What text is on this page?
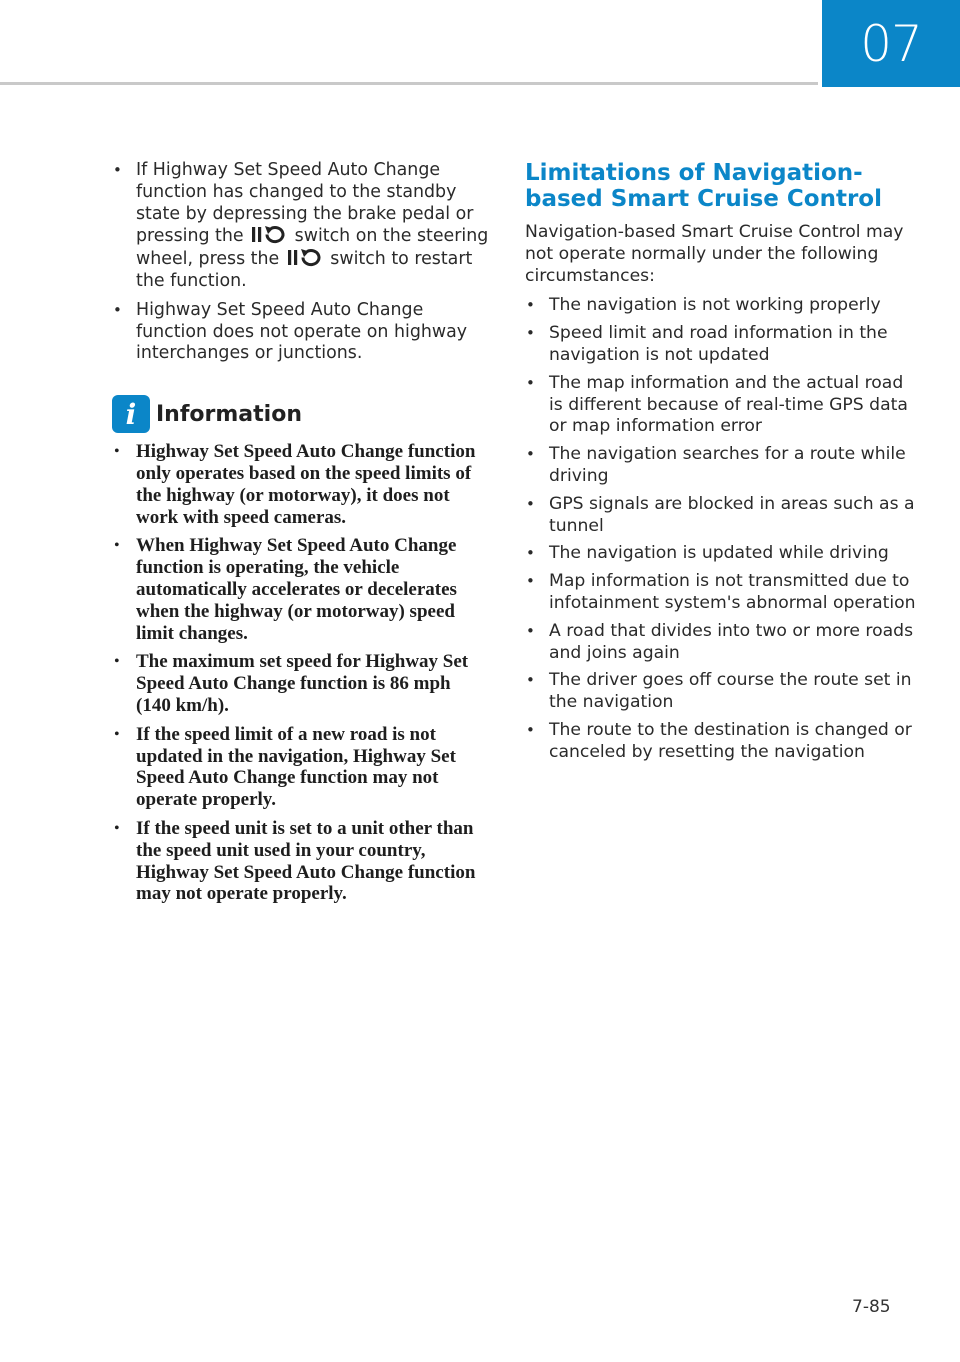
07
• If Highway Set Speed Auto Change function has changed to the standby state by depressing the brake pedal or pressing the	switch on the steering wheel, press the	switch to restart the function.
• Highway Set Speed Auto Change function does not operate on highway interchanges or junctions.
i Information
• Highway Set Speed Auto Change function only operates based on the speed limits of the highway (or motorway), it does not work with speed cameras.
• When Highway Set Speed Auto Change function is operating, the vehicle automatically accelerates or decelerates when the highway (or motorway) speed limit changes.
• The maximum set speed for Highway Set Speed Auto Change function is 86 mph (140 km/h).
• If the speed limit of a new road is not updated in the navigation, Highway Set Speed Auto Change function may not operate properly.
• If the speed unit is set to a unit other than the speed unit used in your country, Highway Set Speed Auto Change function may not operate properly.
Limitations of Navigation-based Smart Cruise Control

Navigation-based Smart Cruise Control may not operate normally under the following circumstances:

• The navigation is not working properly
• Speed limit and road information in the navigation is not updated
• The map information and the actual road is different because of real-time GPS data or map information error
• The navigation searches for a route while driving
• GPS signals are blocked in areas such as a tunnel
• The navigation is updated while driving
• Map information is not transmitted due to infotainment system's abnormal operation
• A road that divides into two or more roads and joins again
• The driver goes off course the route set in the navigation
• The route to the destination is changed or canceled by resetting the navigation
7-85
